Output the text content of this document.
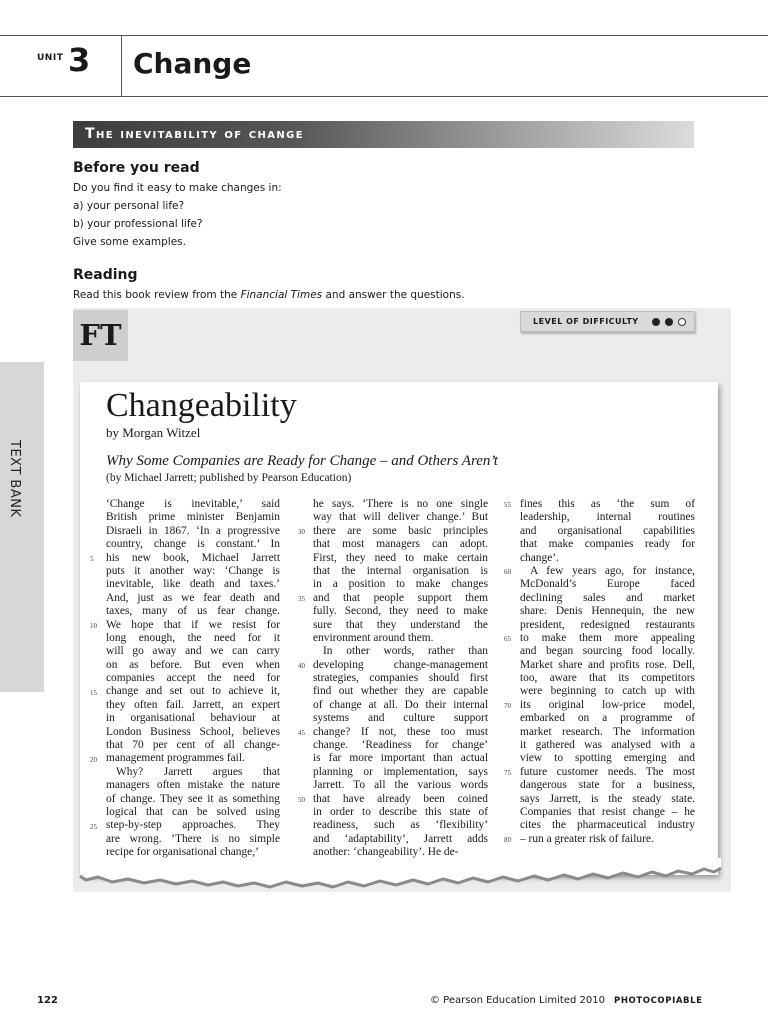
UNIT 3 Change
The inevitability of change
Before you read
Do you find it easy to make changes in:
a) your personal life?
b) your professional life?
Give some examples.
Reading
Read this book review from the Financial Times and answer the questions.
TEXT BANK
FT	LEVEL OF DIFFICULTY
Changeability
by Morgan Witzel
Why Some Companies are Ready for Change – and Others Aren’t
(by Michael Jarrett; published by Pearson Education)
‘Change is inevitable,’ said
British prime minister Benjamin
Disraeli in 1867. ‘In a progressive
country, change is constant.’ In
his new book, Michael Jarrett
puts it another way: ‘Change is
inevitable, like death and taxes.’
And, just as we fear death and
taxes, many of us fear change.
We hope that if we resist for
long enough, the need for it
will go away and we can carry
on as before. But even when
companies accept the need for
change and set out to achieve it,
they often fail. Jarrett, an expert
in organisational behaviour at
London Business School, believes
that 70 per cent of all change-
management programmes fail.
Why? Jarrett argues that
managers often mistake the nature
of change. They see it as something
logical that can be solved using
step-by-step approaches. They
are wrong. ‘There is no simple
recipe for organisational change,’
he says. ‘There is no one single
way that will deliver change.’ But
there are some basic principles
that most managers can adopt.
First, they need to make certain
that the internal organisation is
in a position to make changes
and that people support them
fully. Second, they need to make
sure that they understand the
environment around them.
In other words, rather than
developing change-management
strategies, companies should first
find out whether they are capable
of change at all. Do their internal
systems and culture support
change? If not, these too must
change. ‘Readiness for change’
is far more important than actual
planning or implementation, says
Jarrett. To all the various words
that have already been coined
in order to describe this state of
readiness, such as ‘flexibility’
and ‘adaptability’, Jarrett adds
another: ‘changeability’. He de-
fines this as ‘the sum of
leadership, internal routines
and organisational capabilities
that make companies ready for
change’.
A few years ago, for instance,
McDonald’s Europe faced
declining sales and market
share. Denis Hennequin, the new
president, redesigned restaurants
to make them more appealing
and began sourcing food locally.
Market share and profits rose. Dell,
too, aware that its competitors
were beginning to catch up with
its original low-price model,
embarked on a programme of
market research. The information
it gathered was analysed with a
view to spotting emerging and
future customer needs. The most
dangerous state for a business,
says Jarrett, is the steady state.
Companies that resist change – he
cites the pharmaceutical industry
– run a greater risk of failure.
5
10
15
20
25
30
35
40
45
50
55
60
65
70
75
80
122	© Pearson Education Limited 2010 PHOTOCOPIABLE
